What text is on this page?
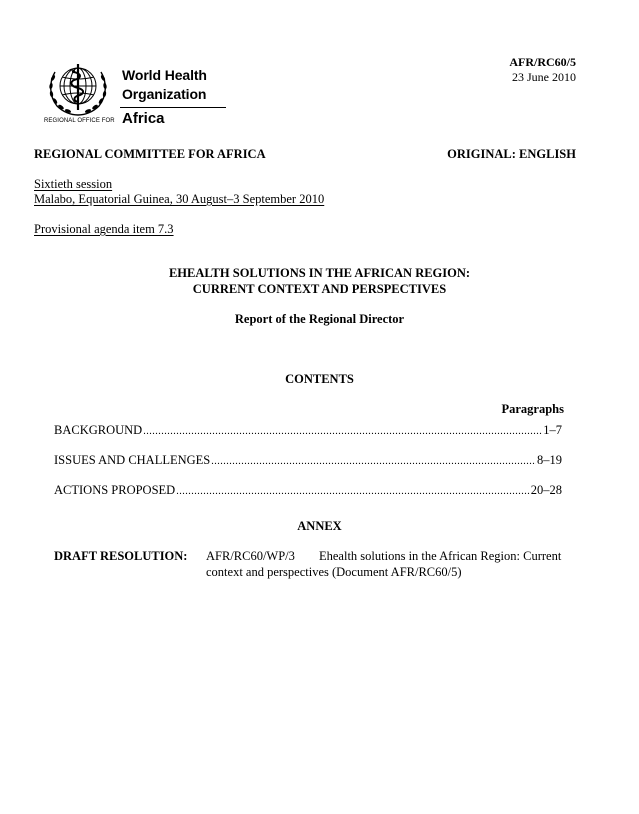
World Health
Organization
REGIONAL OFFICE FOR Africa
AFR/RC60/5
23 June 2010
REGIONAL COMMITTEE FOR AFRICA	ORIGINAL: ENGLISH
Sixtieth session
Malabo, Equatorial Guinea, 30 August–3 September 2010
Provisional agenda item 7.3
EHEALTH SOLUTIONS IN THE AFRICAN REGION:
CURRENT CONTEXT AND PERSPECTIVES
Report of the Regional Director
CONTENTS
Paragraphs
BACKGROUND .....	1–7
ISSUES AND CHALLENGES .....	8–19
ACTIONS PROPOSED .....	20–28
ANNEX
DRAFT RESOLUTION: AFR/RC60/WP/3 Ehealth solutions in the African Region: Current
context and perspectives (Document AFR/RC60/5)
